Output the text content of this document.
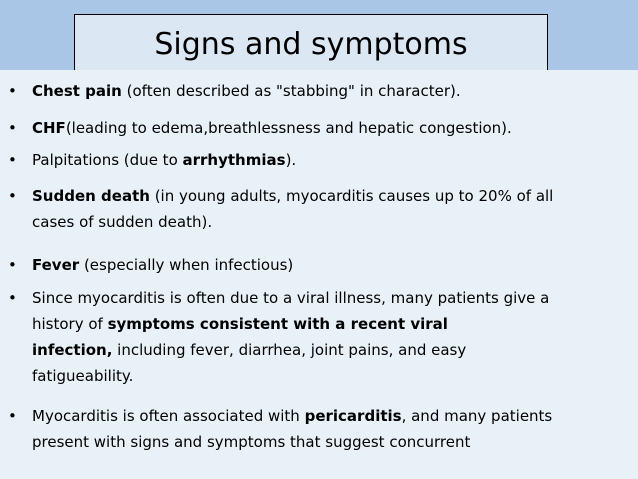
Signs and symptoms
• Chest pain (often described as "stabbing" in character).
• CHF(leading to edema,breathlessness and hepatic congestion).
• Palpitations (due to arrhythmias).
• Sudden death (in young adults, myocarditis causes up to 20% of all
cases of sudden death).
• Fever (especially when infectious)
• Since myocarditis is often due to a viral illness, many patients give a
history of symptoms consistent with a recent viral
infection, including fever, diarrhea, joint pains, and easy
fatigueability.
• Myocarditis is often associated with pericarditis, and many patients
present with signs and symptoms that suggest concurrent
